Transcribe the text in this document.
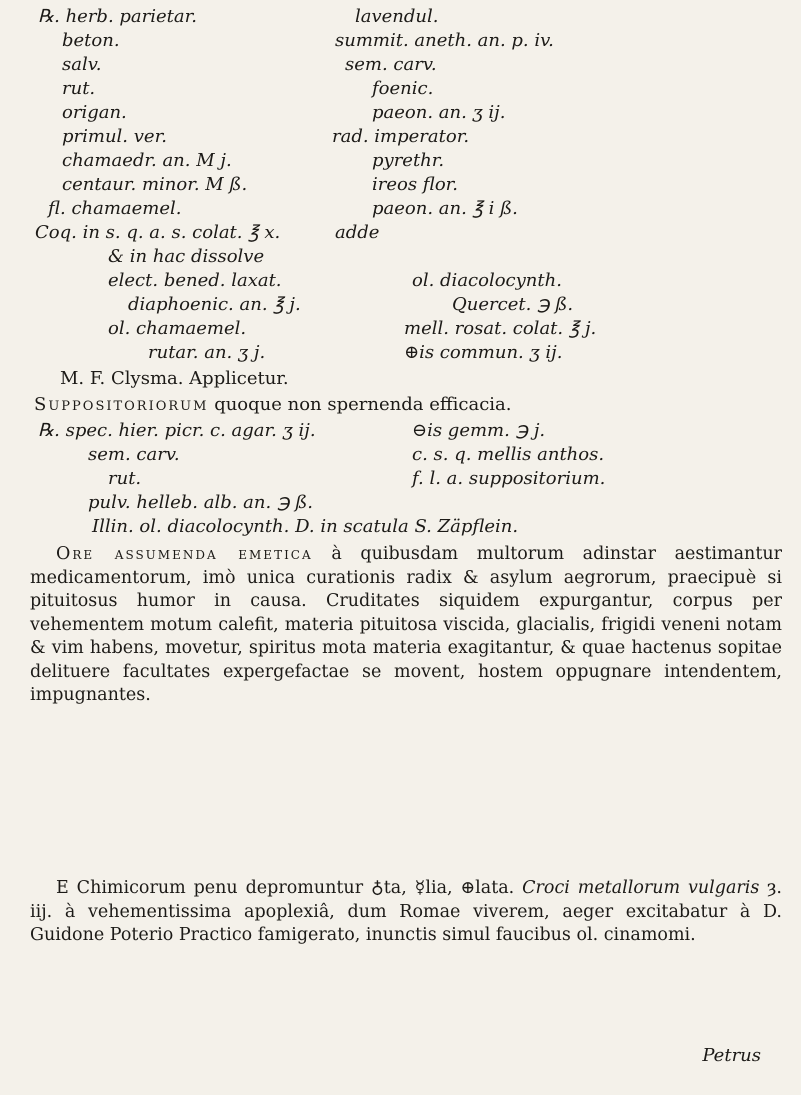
℞. herb. parietar.
beton.
salv.
rut.
origan.
primul. ver.
chamaedr. an. M j.
centaur. minor. M ß.
fl. chamaemel.
lavendul.
summit. aneth. an. p. iv.
sem. carv.
foenic.
paeon. an. ʒ ij.
rad. imperator.
pyrethr.
ireos flor.
paeon. an. ℥ i ß.
Coq. in s. q. a. s. colat. ℥ x.	adde
& in hac dissolve
elect. bened. laxat.
diaphoenic. an. ℥ j.
ol. chamaemel.
rutar. an. ʒ j.
ol. diacolocynth.
Quercet. ℈ ß.
mell. rosat. colat. ℥ j.
⊕is commun. ʒ ij.
M. F. Clysma. Applicetur.
Suppositoriorum quoque non spernenda efficacia.
℞. spec. hier. picr. c. agar. ʒ ij.
sem. carv.
rut.
pulv. helleb. alb. an. ℈ ß.
⊖is gemm. ℈ j.
c. s. q. mellis anthos.
f. l. a. suppositorium.
Illin. ol. diacolocynth. D. in scatula S. Zäpflein.

Ore assumenda emetica à quibusdam multorum adinstar aestimantur medicamentorum, imò unica curationis radix & asylum aegrorum, praecipuè si pituitosus humor in causa. Cruditates siquidem expurgantur, corpus per vehementem motum calefit, materia pituitosa viscida, glacialis, frigidi veneni notam & vim habens, movetur, spiritus mota materia exagitantur, & quae hactenus sopitae delituere facultates expergefactae se movent, hostem oppugnare intendentem, impugnantes.

E Chimicorum penu depromuntur ♁ta, ☿lia, ⊕lata. Croci metallorum vulgaris ȝ. iij. à vehementissima apoplexiâ, dum Romae viverem, aeger excitabatur à D. Guidone Poterio Practico famigerato, inunctis simul faucibus ol. cinamomi.

Petrus
